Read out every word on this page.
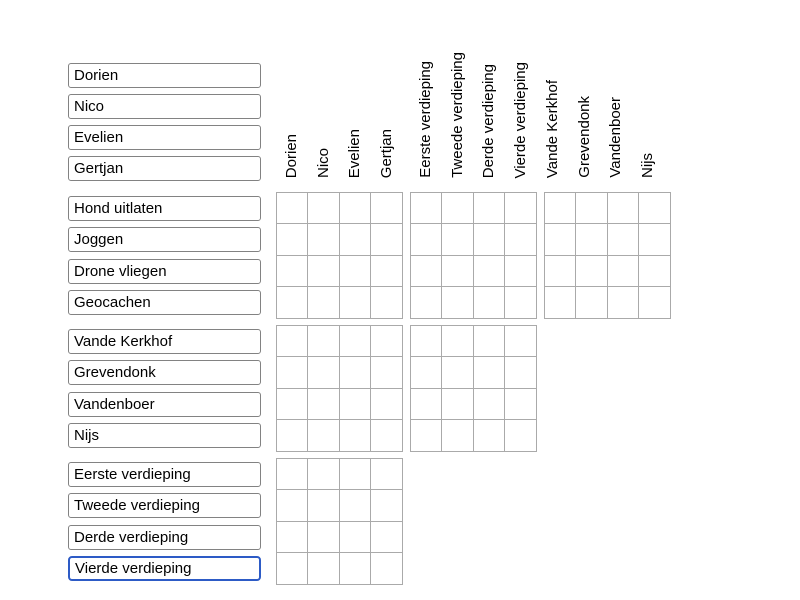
Dorien
Nico
Evelien
Gertjan
Dorien Nico Evelien Gertjan Eerste verdieping Tweede verdieping Derde verdieping Vierde verdieping Vande Kerkhof Grevendonk Vandenboer Nijs
Hond uitlaten
Joggen
Drone vliegen
Geocachen
Vande Kerkhof
Grevendonk
Vandenboer
Nijs
Eerste verdieping
Tweede verdieping
Derde verdieping
Vierde verdieping
